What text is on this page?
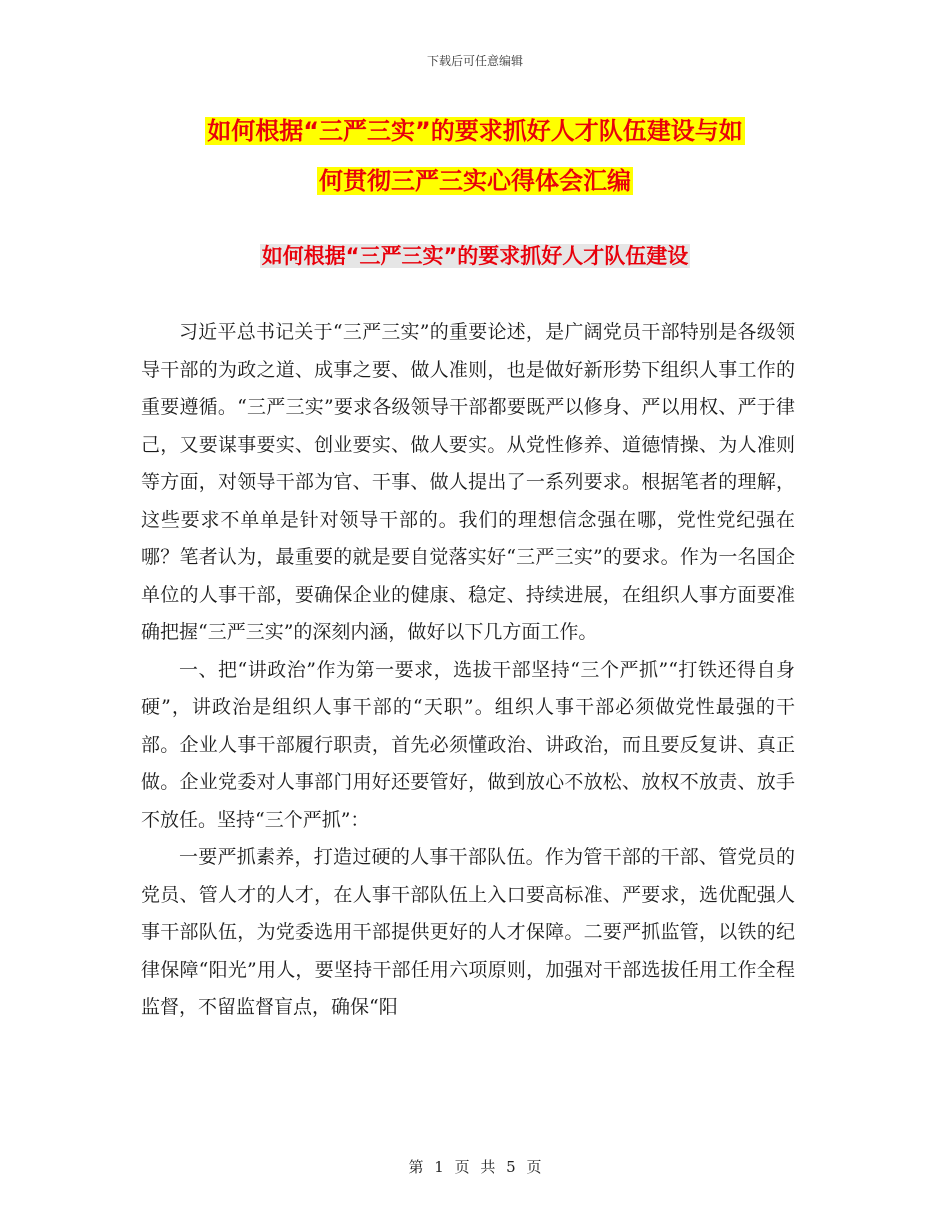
下载后可任意编辑
如何根据“三严三实”的要求抓好人才队伍建设与如
何贯彻三严三实心得体会汇编
如何根据“三严三实”的要求抓好人才队伍建设

习近平总书记关于“三严三实”的重要论述，是广阔党员干部特别是各级领导干部的为政之道、成事之要、做人准则，也是做好新形势下组织人事工作的重要遵循。“三严三实”要求各级领导干部都要既严以修身、严以用权、严于律己，又要谋事要实、创业要实、做人要实。从党性修养、道德情操、为人准则等方面，对领导干部为官、干事、做人提出了一系列要求。根据笔者的理解，这些要求不单单是针对领导干部的。我们的理想信念强在哪，党性党纪强在哪？笔者认为，最重要的就是要自觉落实好“三严三实”的要求。作为一名国企单位的人事干部，要确保企业的健康、稳定、持续进展，在组织人事方面要准确把握“三严三实”的深刻内涵，做好以下几方面工作。

一、把“讲政治”作为第一要求，选拔干部坚持“三个严抓”“打铁还得自身硬”，讲政治是组织人事干部的“天职”。组织人事干部必须做党性最强的干部。企业人事干部履行职责，首先必须懂政治、讲政治，而且要反复讲、真正做。企业党委对人事部门用好还要管好，做到放心不放松、放权不放责、放手不放任。坚持“三个严抓”：

一要严抓素养，打造过硬的人事干部队伍。作为管干部的干部、管党员的党员、管人才的人才，在人事干部队伍上入口要高标准、严要求，选优配强人事干部队伍，为党委选用干部提供更好的人才保障。二要严抓监管，以铁的纪律保障“阳光”用人，要坚持干部任用六项原则，加强对干部选拔任用工作全程监督，不留监督盲点，确保“阳

第 1 页 共 5 页
